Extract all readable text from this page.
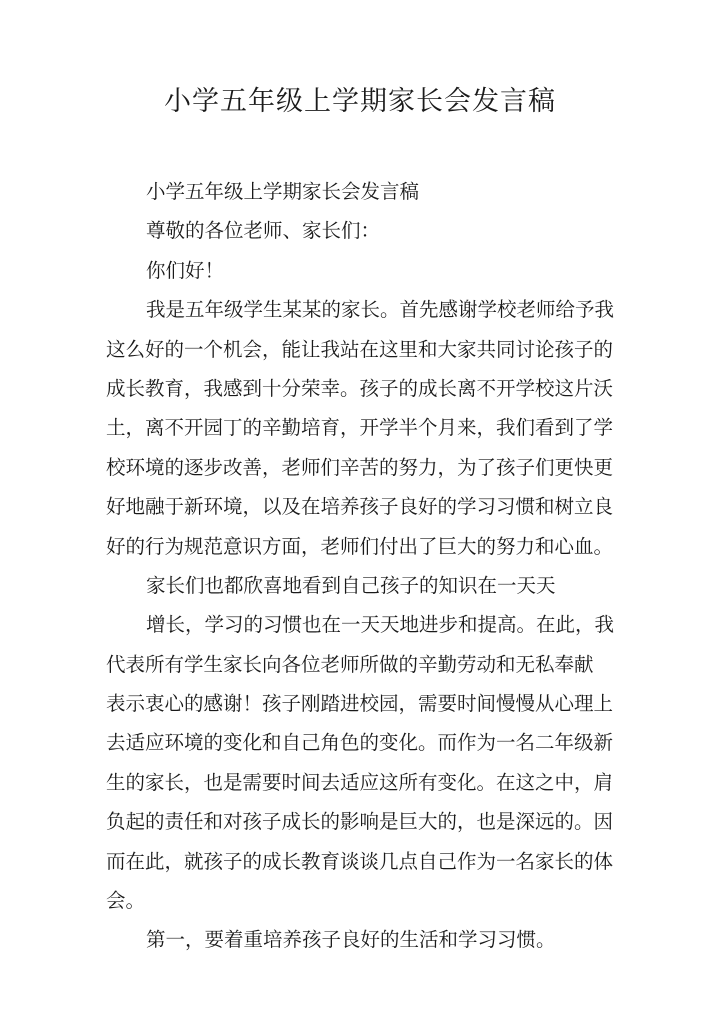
小学五年级上学期家长会发言稿
小学五年级上学期家长会发言稿
尊敬的各位老师、家长们：
你们好！
我是五年级学生某某的家长。首先感谢学校老师给予我
这么好的一个机会，能让我站在这里和大家共同讨论孩子的
成长教育，我感到十分荣幸。孩子的成长离不开学校这片沃
土，离不开园丁的辛勤培育，开学半个月来，我们看到了学
校环境的逐步改善，老师们辛苦的努力，为了孩子们更快更
好地融于新环境，以及在培养孩子良好的学习习惯和树立良
好的行为规范意识方面，老师们付出了巨大的努力和心血。
家长们也都欣喜地看到自己孩子的知识在一天天
增长，学习的习惯也在一天天地进步和提高。在此，我
代表所有学生家长向各位老师所做的辛勤劳动和无私奉献
表示衷心的感谢！孩子刚踏进校园，需要时间慢慢从心理上
去适应环境的变化和自己角色的变化。而作为一名二年级新
生的家长，也是需要时间去适应这所有变化。在这之中，肩
负起的责任和对孩子成长的影响是巨大的，也是深远的。因
而在此，就孩子的成长教育谈谈几点自己作为一名家长的体
会。
第一，要着重培养孩子良好的生活和学习习惯。
